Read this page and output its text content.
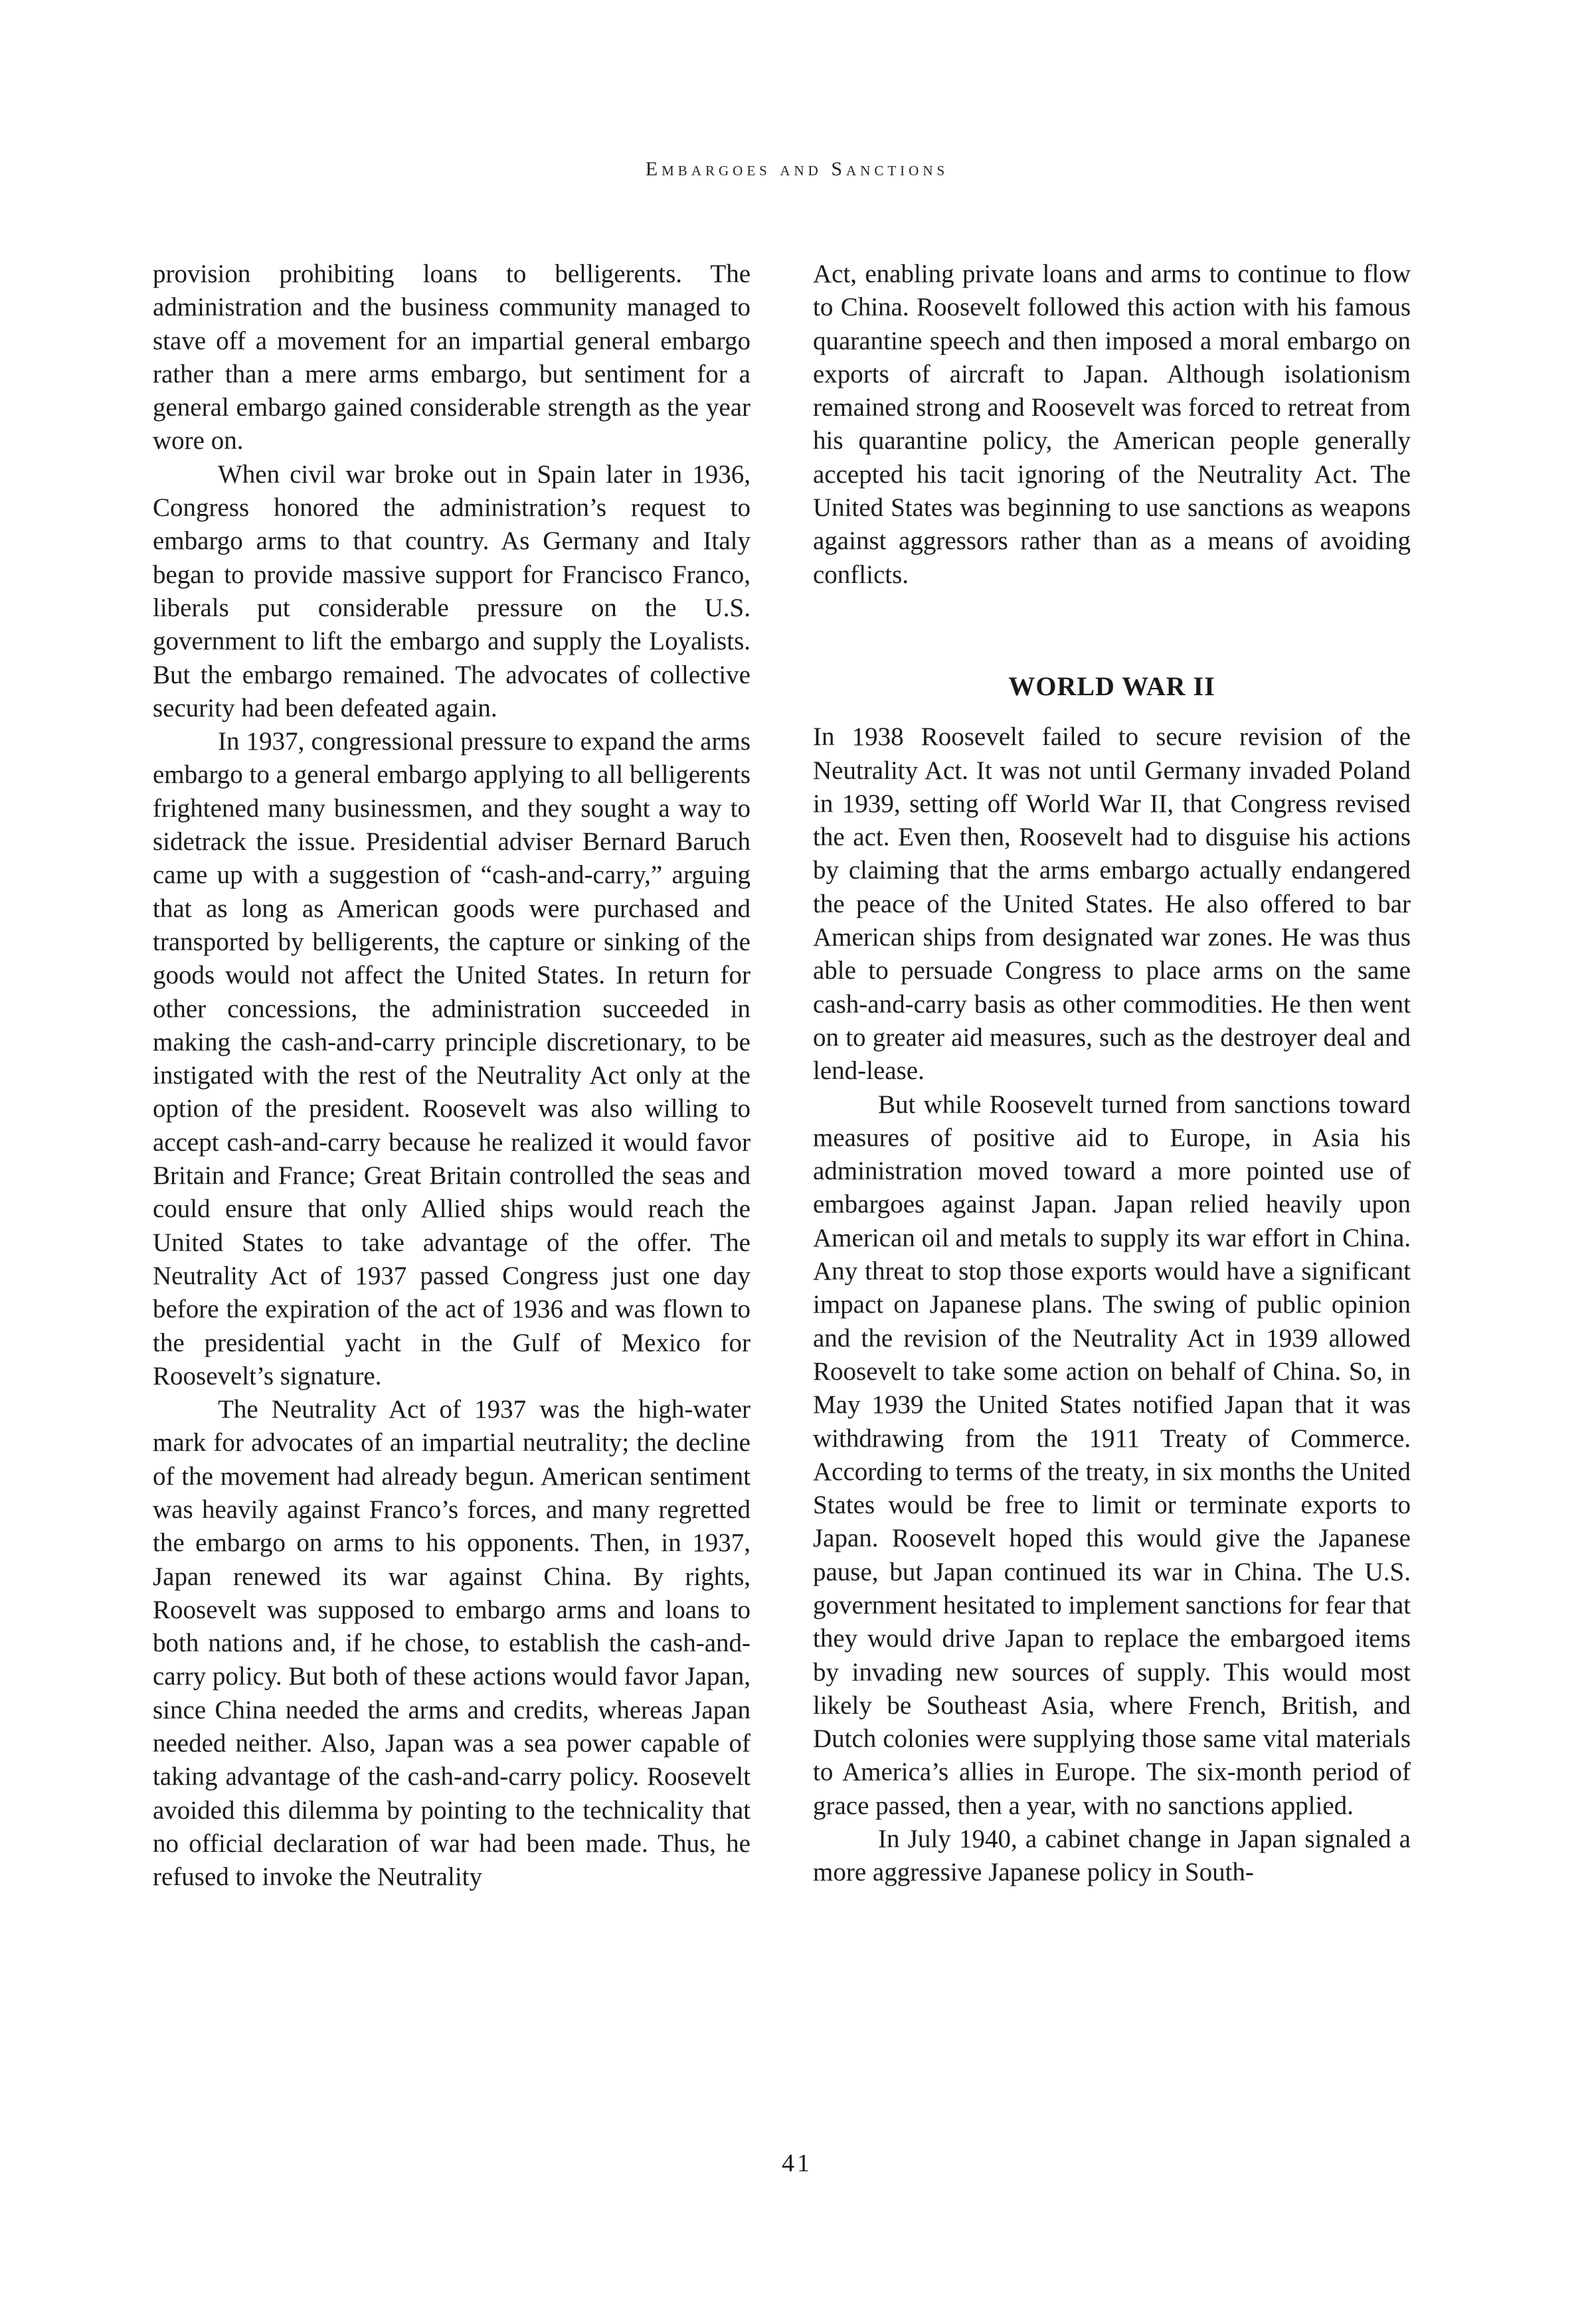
Embargoes and Sanctions

provision prohibiting loans to belligerents. The administration and the business community managed to stave off a movement for an impartial general embargo rather than a mere arms embargo, but sentiment for a general embargo gained considerable strength as the year wore on.

When civil war broke out in Spain later in 1936, Congress honored the administration’s request to embargo arms to that country. As Germany and Italy began to provide massive support for Francisco Franco, liberals put considerable pressure on the U.S. government to lift the embargo and supply the Loyalists. But the embargo remained. The advocates of collective security had been defeated again.

In 1937, congressional pressure to expand the arms embargo to a general embargo applying to all belligerents frightened many businessmen, and they sought a way to sidetrack the issue. Presidential adviser Bernard Baruch came up with a suggestion of “cash-and-carry,” arguing that as long as American goods were purchased and transported by belligerents, the capture or sinking of the goods would not affect the United States. In return for other concessions, the administration succeeded in making the cash-and-carry principle discretionary, to be instigated with the rest of the Neutrality Act only at the option of the president. Roosevelt was also willing to accept cash-and-carry because he realized it would favor Britain and France; Great Britain controlled the seas and could ensure that only Allied ships would reach the United States to take advantage of the offer. The Neutrality Act of 1937 passed Congress just one day before the expiration of the act of 1936 and was flown to the presidential yacht in the Gulf of Mexico for Roosevelt’s signature.

The Neutrality Act of 1937 was the high-water mark for advocates of an impartial neutrality; the decline of the movement had already begun. American sentiment was heavily against Franco’s forces, and many regretted the embargo on arms to his opponents. Then, in 1937, Japan renewed its war against China. By rights, Roosevelt was supposed to embargo arms and loans to both nations and, if he chose, to establish the cash-and-carry policy. But both of these actions would favor Japan, since China needed the arms and credits, whereas Japan needed neither. Also, Japan was a sea power capable of taking advantage of the cash-and-carry policy. Roosevelt avoided this dilemma by pointing to the technicality that no official declaration of war had been made. Thus, he refused to invoke the Neutrality

Act, enabling private loans and arms to continue to flow to China. Roosevelt followed this action with his famous quarantine speech and then imposed a moral embargo on exports of aircraft to Japan. Although isolationism remained strong and Roosevelt was forced to retreat from his quarantine policy, the American people generally accepted his tacit ignoring of the Neutrality Act. The United States was beginning to use sanctions as weapons against aggressors rather than as a means of avoiding conflicts.

WORLD WAR II

In 1938 Roosevelt failed to secure revision of the Neutrality Act. It was not until Germany invaded Poland in 1939, setting off World War II, that Congress revised the act. Even then, Roosevelt had to disguise his actions by claiming that the arms embargo actually endangered the peace of the United States. He also offered to bar American ships from designated war zones. He was thus able to persuade Congress to place arms on the same cash-and-carry basis as other commodities. He then went on to greater aid measures, such as the destroyer deal and lend-lease.

But while Roosevelt turned from sanctions toward measures of positive aid to Europe, in Asia his administration moved toward a more pointed use of embargoes against Japan. Japan relied heavily upon American oil and metals to supply its war effort in China. Any threat to stop those exports would have a significant impact on Japanese plans. The swing of public opinion and the revision of the Neutrality Act in 1939 allowed Roosevelt to take some action on behalf of China. So, in May 1939 the United States notified Japan that it was withdrawing from the 1911 Treaty of Commerce. According to terms of the treaty, in six months the United States would be free to limit or terminate exports to Japan. Roosevelt hoped this would give the Japanese pause, but Japan continued its war in China. The U.S. government hesitated to implement sanctions for fear that they would drive Japan to replace the embargoed items by invading new sources of supply. This would most likely be Southeast Asia, where French, British, and Dutch colonies were supplying those same vital materials to America’s allies in Europe. The six-month period of grace passed, then a year, with no sanctions applied.

In July 1940, a cabinet change in Japan signaled a more aggressive Japanese policy in South-

41
